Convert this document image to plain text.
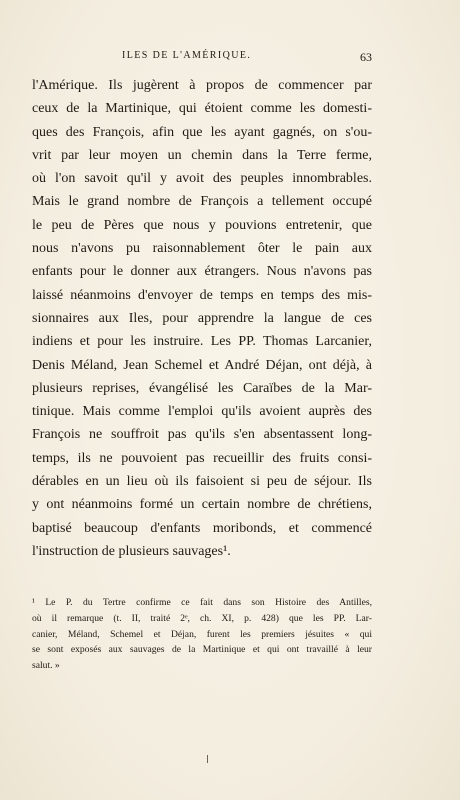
ILES DE L'AMÉRIQUE.	63
l'Amérique. Ils jugèrent à propos de commencer par
ceux de la Martinique, qui étoient comme les domesti-
ques des François, afin que les ayant gagnés, on s'ou-
vrit par leur moyen un chemin dans la Terre ferme,
où l'on savoit qu'il y avoit des peuples innombrables.
Mais le grand nombre de François a tellement occupé
le peu de Pères que nous y pouvions entretenir, que
nous n'avons pu raisonnablement ôter le pain aux
enfants pour le donner aux étrangers. Nous n'avons pas
laissé néanmoins d'envoyer de temps en temps des mis-
sionnaires aux Iles, pour apprendre la langue de ces
indiens et pour les instruire. Les PP. Thomas Larcanier,
Denis Méland, Jean Schemel et André Déjan, ont déjà, à
plusieurs reprises, évangélisé les Caraïbes de la Mar-
tinique. Mais comme l'emploi qu'ils avoient auprès des
François ne souffroit pas qu'ils s'en absentassent long-
temps, ils ne pouvoient pas recueillir des fruits consi-
dérables en un lieu où ils faisoient si peu de séjour. Ils
y ont néanmoins formé un certain nombre de chrétiens,
baptisé beaucoup d'enfants moribonds, et commencé
l'instruction de plusieurs sauvages¹.
¹ Le P. du Tertre confirme ce fait dans son Histoire des Antilles,
où il remarque (t. II, traité 2ᵉ, ch. XI, p. 428) que les PP. Lar-
canier, Méland, Schemel et Déjan, furent les premiers jésuites « qui
se sont exposés aux sauvages de la Martinique et qui ont travaillé à leur
salut. »
